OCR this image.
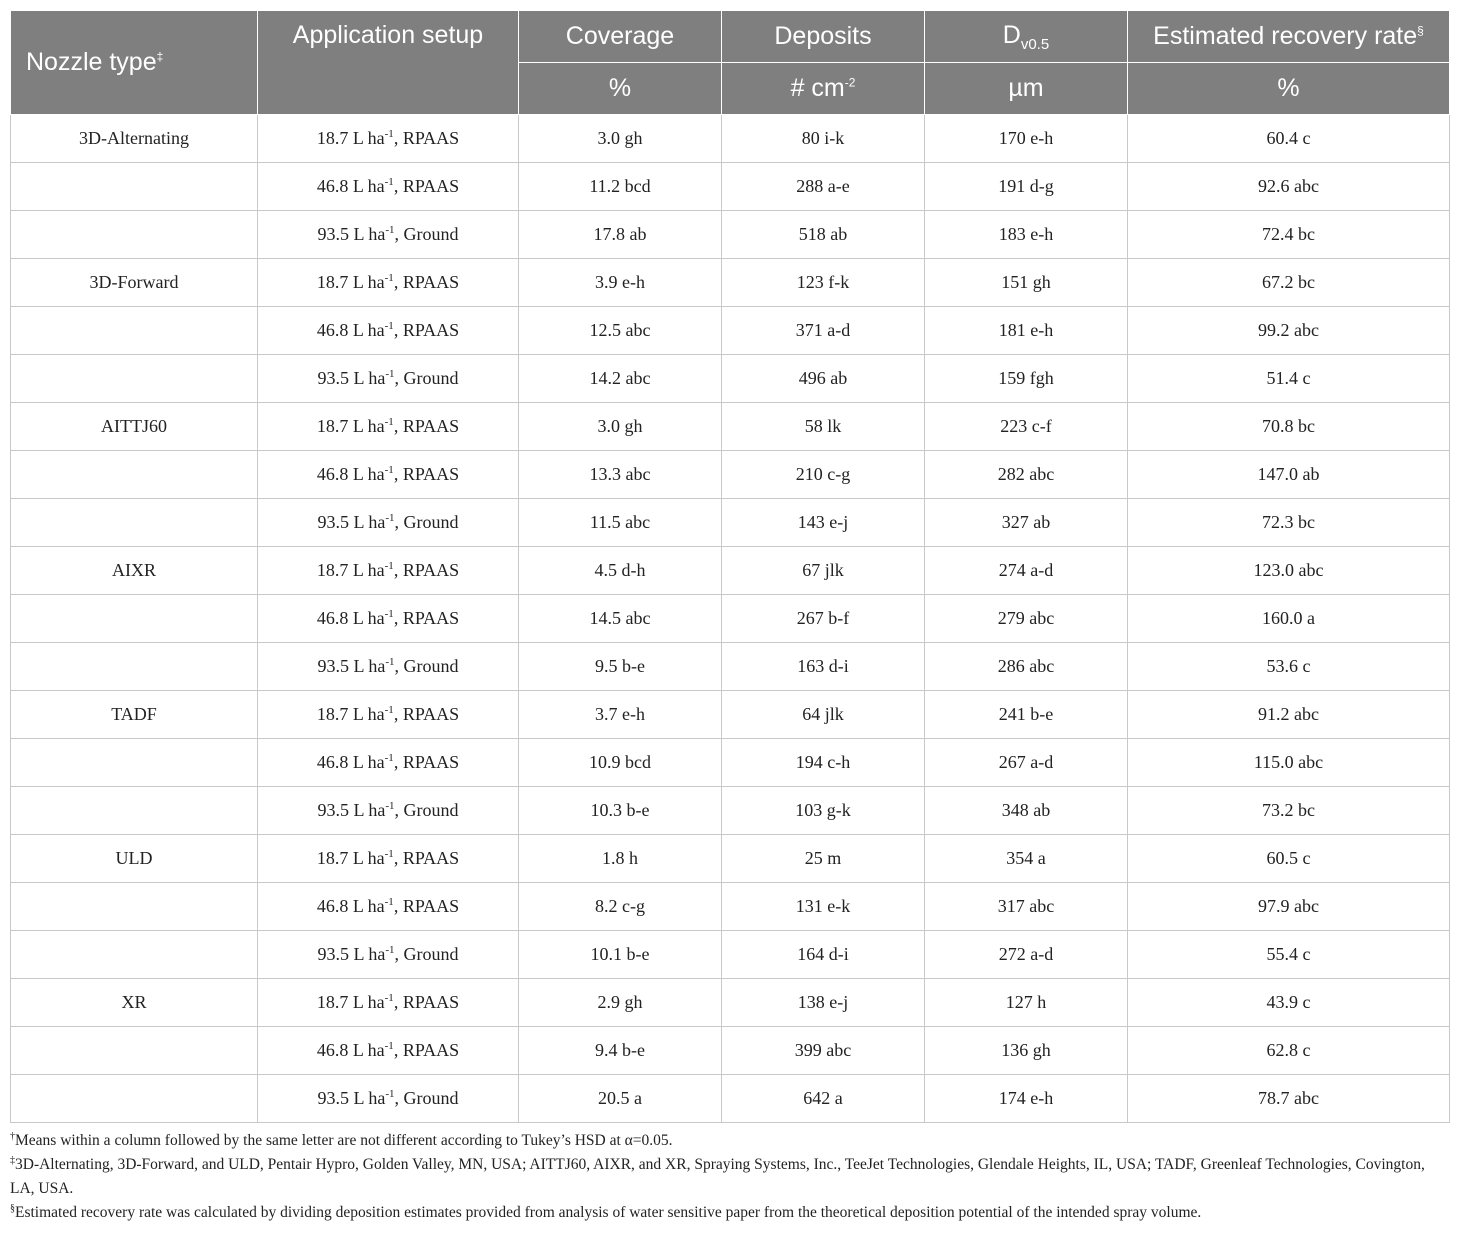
Nozzle type‡	Application setup	Coverage	Deposits	$D_{v0.5}$	Estimated recovery rate§
		%	# $cm^{-2}$	µm	%
3D-Alternating	18.7 L $ha^{-1}$, RPAAS	3.0 gh	80 i-k	170 e-h	60.4 c
	46.8 L $ha^{-1}$, RPAAS	11.2 bcd	288 a-e	191 d-g	92.6 abc
	93.5 L $ha^{-1}$, Ground	17.8 ab	518 ab	183 e-h	72.4 bc
3D-Forward	18.7 L $ha^{-1}$, RPAAS	3.9 e-h	123 f-k	151 gh	67.2 bc
	46.8 L $ha^{-1}$, RPAAS	12.5 abc	371 a-d	181 e-h	99.2 abc
	93.5 L $ha^{-1}$, Ground	14.2 abc	496 ab	159 fgh	51.4 c
AITTJ60	18.7 L $ha^{-1}$, RPAAS	3.0 gh	58 lk	223 c-f	70.8 bc
	46.8 L $ha^{-1}$, RPAAS	13.3 abc	210 c-g	282 abc	147.0 ab
	93.5 L $ha^{-1}$, Ground	11.5 abc	143 e-j	327 ab	72.3 bc
AIXR	18.7 L $ha^{-1}$, RPAAS	4.5 d-h	67 jlk	274 a-d	123.0 abc
	46.8 L $ha^{-1}$, RPAAS	14.5 abc	267 b-f	279 abc	160.0 a
	93.5 L $ha^{-1}$, Ground	9.5 b-e	163 d-i	286 abc	53.6 c
TADF	18.7 L $ha^{-1}$, RPAAS	3.7 e-h	64 jlk	241 b-e	91.2 abc
	46.8 L $ha^{-1}$, RPAAS	10.9 bcd	194 c-h	267 a-d	115.0 abc
	93.5 L $ha^{-1}$, Ground	10.3 b-e	103 g-k	348 ab	73.2 bc
ULD	18.7 L $ha^{-1}$, RPAAS	1.8 h	25 m	354 a	60.5 c
	46.8 L $ha^{-1}$, RPAAS	8.2 c-g	131 e-k	317 abc	97.9 abc
	93.5 L $ha^{-1}$, Ground	10.1 b-e	164 d-i	272 a-d	55.4 c
XR	18.7 L $ha^{-1}$, RPAAS	2.9 gh	138 e-j	127 h	43.9 c
	46.8 L $ha^{-1}$, RPAAS	9.4 b-e	399 abc	136 gh	62.8 c
	93.5 L $ha^{-1}$, Ground	20.5 a	642 a	174 e-h	78.7 abc

†Means within a column followed by the same letter are not different according to Tukey’s HSD at α=0.05.

‡3D-Alternating, 3D-Forward, and ULD, Pentair Hypro, Golden Valley, MN, USA; AITTJ60, AIXR, and XR, Spraying Systems, Inc., TeeJet Technologies, Glendale Heights, IL, USA; TADF, Greenleaf Technologies, Covington, LA, USA.

§Estimated recovery rate was calculated by dividing deposition estimates provided from analysis of water sensitive paper from the theoretical deposition potential of the intended spray volume.
